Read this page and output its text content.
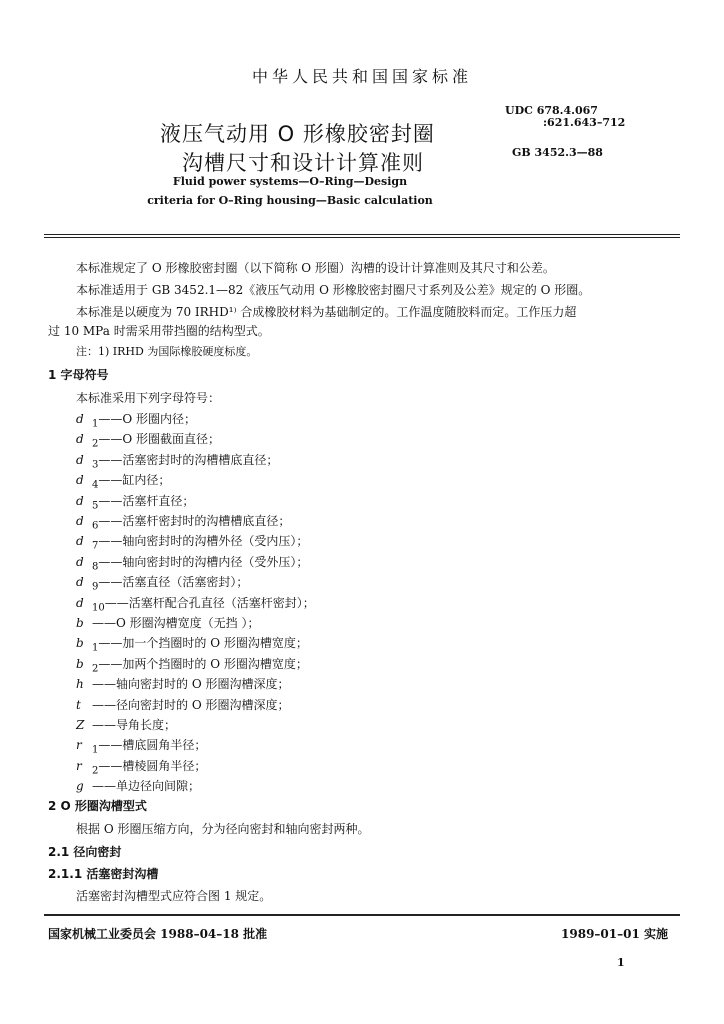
中华人民共和国国家标准
液压气动用 O 形橡胶密封圈
沟槽尺寸和设计计算准则
UDC 678.4.067
:621.643–712
GB 3452.3—88
Fluid power systems—O–Ring—Design
criteria for O–Ring housing—Basic calculation
本标准规定了 O 形橡胶密封圈（以下简称 O 形圈）沟槽的设计计算准则及其尺寸和公差。
本标准适用于 GB 3452.1—82《液压气动用 O 形橡胶密封圈尺寸系列及公差》规定的 O 形圈。
本标准是以硬度为 70 IRHD¹⁾ 合成橡胶材料为基础制定的。工作温度随胶料而定。工作压力超
过 10 MPa 时需采用带挡圈的结构型式。
注：1) IRHD 为国际橡胶硬度标度。
1 字母符号
本标准采用下列字母符号：
d $_1$——O 形圈内径；
d $_2$——O 形圈截面直径；
d $_3$——活塞密封时的沟槽槽底直径；
d $_4$——缸内径；
d $_5$——活塞杆直径；
d $_6$——活塞杆密封时的沟槽槽底直径；
d $_7$——轴向密封时的沟槽外径（受内压）；
d $_8$——轴向密封时的沟槽内径（受外压）；
d $_9$——活塞直径（活塞密封）；
d $_{10}$——活塞杆配合孔直径（活塞杆密封）；
b ——O 形圈沟槽宽度（无挡 ）；
b $_1$——加一个挡圈时的 O 形圈沟槽宽度；
b $_2$——加两个挡圈时的 O 形圈沟槽宽度；
h ——轴向密封时的 O 形圈沟槽深度；
t ——径向密封时的 O 形圈沟槽深度；
Z ——导角长度；
r $_1$——槽底圆角半径；
r $_2$——槽棱圆角半径；
g ——单边径向间隙；
2 O 形圈沟槽型式
根据 O 形圈压缩方向，分为径向密封和轴向密封两种。
2.1 径向密封
2.1.1 活塞密封沟槽
活塞密封沟槽型式应符合图 1 规定。
国家机械工业委员会 1988–04–18 批准	1989–01–01 实施
1
